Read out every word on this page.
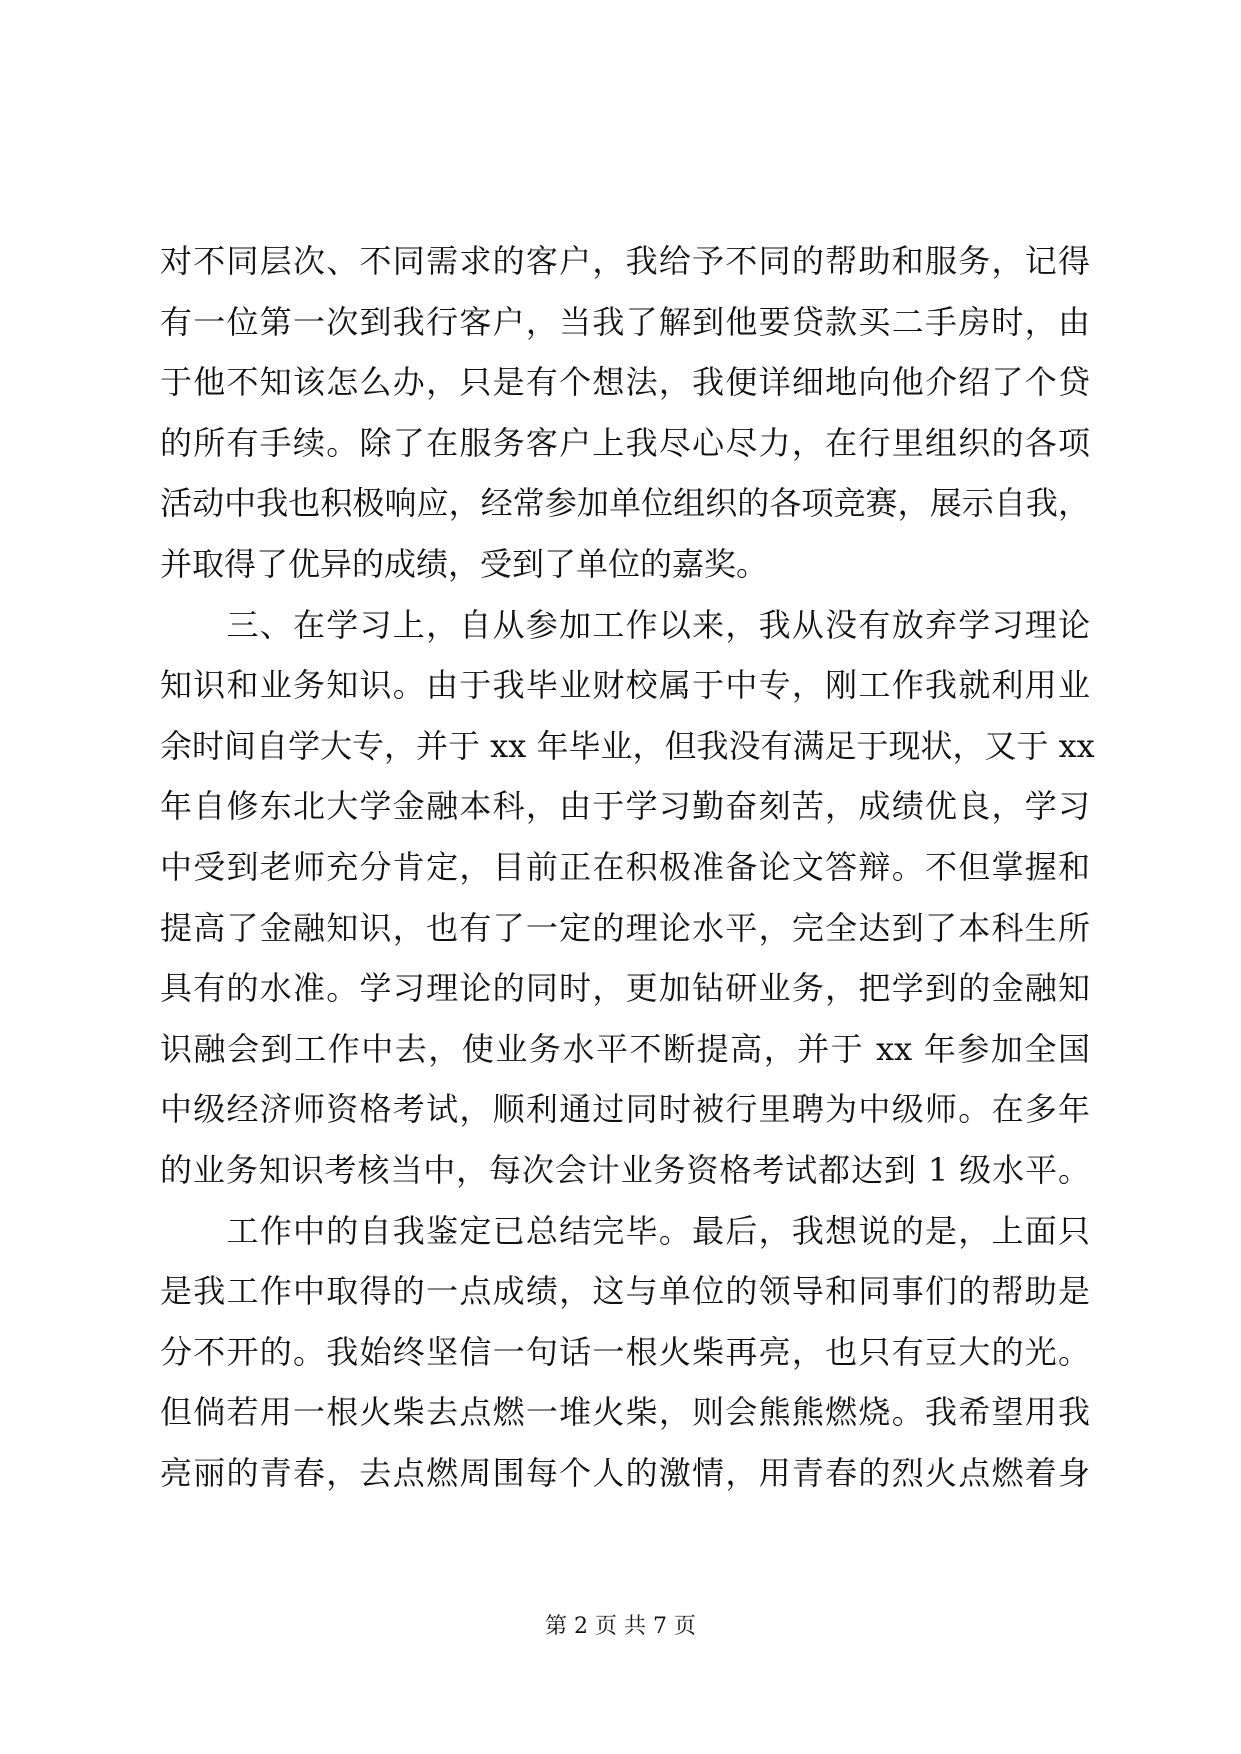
对不同层次、不同需求的客户，我给予不同的帮助和服务，记得
有一位第一次到我行客户，当我了解到他要贷款买二手房时，由
于他不知该怎么办，只是有个想法，我便详细地向他介绍了个贷
的所有手续。除了在服务客户上我尽心尽力，在行里组织的各项
活动中我也积极响应，经常参加单位组织的各项竞赛，展示自我，
并取得了优异的成绩，受到了单位的嘉奖。
　　三、在学习上，自从参加工作以来，我从没有放弃学习理论
知识和业务知识。由于我毕业财校属于中专，刚工作我就利用业
余时间自学大专，并于 xx 年毕业，但我没有满足于现状，又于 xx
年自修东北大学金融本科，由于学习勤奋刻苦，成绩优良，学习
中受到老师充分肯定，目前正在积极准备论文答辩。不但掌握和
提高了金融知识，也有了一定的理论水平，完全达到了本科生所
具有的水准。学习理论的同时，更加钻研业务，把学到的金融知
识融会到工作中去，使业务水平不断提高，并于 xx 年参加全国
中级经济师资格考试，顺利通过同时被行里聘为中级师。在多年
的业务知识考核当中，每次会计业务资格考试都达到 1 级水平。
　　工作中的自我鉴定已总结完毕。最后，我想说的是，上面只
是我工作中取得的一点成绩，这与单位的领导和同事们的帮助是
分不开的。我始终坚信一句话一根火柴再亮，也只有豆大的光。
但倘若用一根火柴去点燃一堆火柴，则会熊熊燃烧。我希望用我
亮丽的青春，去点燃周围每个人的激情，用青春的烈火点燃着身
第 2 页 共 7 页
